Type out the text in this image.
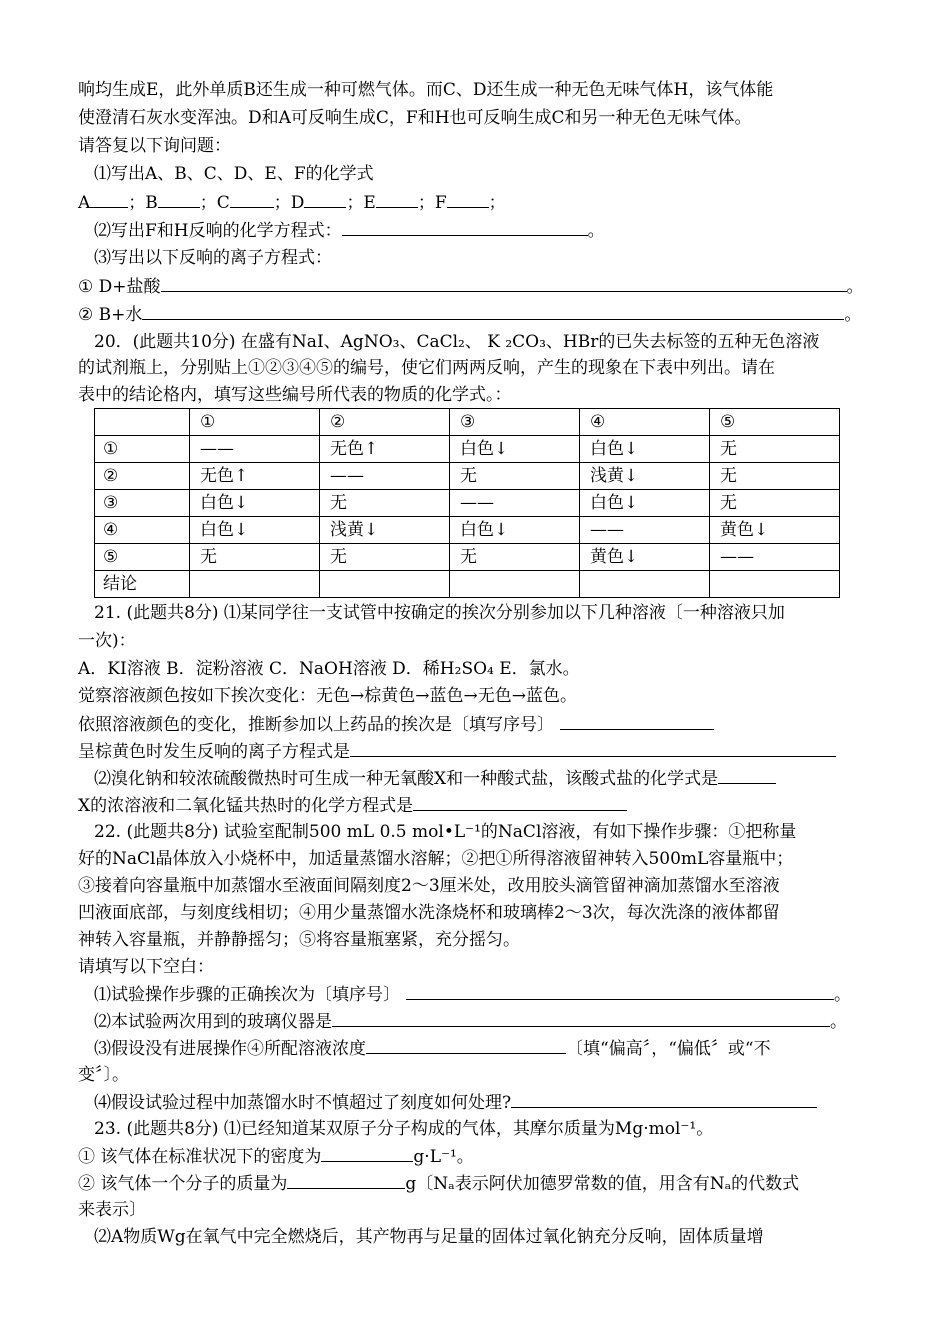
响均生成E，此外单质B还生成一种可燃气体。而C、D还生成一种无色无味气体H，该气体能
使澄清石灰水变浑浊。D和A可反响生成C，F和H也可反响生成C和另一种无色无味气体。
请答复以下询问题：
⑴写出A、B、C、D、E、F的化学式
A ；B ；C	；D ；E ；F ；
⑵写出F和H反响的化学方程式：	。
⑶写出以下反响的离子方程式：
① D+盐酸	。
② B+水	。
20．(此题共10分) 在盛有NaI、AgNO₃、CaCl₂、 K ₂CO₃、HBr的已失去标签的五种无色溶液
的试剂瓶上，分别贴上①②③④⑤的编号，使它们两两反响，产生的现象在下表中列出。请在
表中的结论格内，填写这些编号所代表的物质的化学式。：
	①	②	③	④	⑤
①	——	无色↑	白色↓	白色↓	无
②	无色↑	——	无	浅黄↓	无
③	白色↓	无	——	白色↓	无
④	白色↓	浅黄↓	白色↓	——	黄色↓
⑤	无	无	无	黄色↓	——
结论					
21. (此题共8分) ⑴某同学往一支试管中按确定的挨次分别参加以下几种溶液〔一种溶液只加
一次)：
A．KI溶液 B．淀粉溶液 C．NaOH溶液 D．稀H₂SO₄ E．氯水。
觉察溶液颜色按如下挨次变化：无色→棕黄色→蓝色→无色→蓝色。
依照溶液颜色的变化，推断参加以上药品的挨次是〔填写序号〕
呈棕黄色时发生反响的离子方程式是
⑵溴化钠和较浓硫酸微热时可生成一种无氧酸X和一种酸式盐，该酸式盐的化学式是
X的浓溶液和二氧化锰共热时的化学方程式是
22. (此题共8分) 试验室配制500 mL 0.5 mol•L⁻¹的NaCl溶液，有如下操作步骤：①把称量
好的NaCl晶体放入小烧杯中，加适量蒸馏水溶解；②把①所得溶液留神转入500mL容量瓶中；
③接着向容量瓶中加蒸馏水至液面间隔刻度2～3厘米处，改用胶头滴管留神滴加蒸馏水至溶液
凹液面底部，与刻度线相切；④用少量蒸馏水洗涤烧杯和玻璃棒2～3次，每次洗涤的液体都留
神转入容量瓶，并静静摇匀；⑤将容量瓶塞紧，充分摇匀。
请填写以下空白：
⑴试验操作步骤的正确挨次为〔填序号〕	。
⑵本试验两次用到的玻璃仪器是	。
⑶假设没有进展操作④所配溶液浓度	〔填“偏高〞，“偏低〞或“不
变〞〕。
⑷假设试验过程中加蒸馏水时不慎超过了刻度如何处理?
23. (此题共8分) ⑴已经知道某双原子分子构成的气体，其摩尔质量为Mg·mol⁻¹。
① 该气体在标准状况下的密度为	g·L⁻¹。
② 该气体一个分子的质量为	g〔Nₐ表示阿伏加德罗常数的值，用含有Nₐ的代数式
来表示〕
⑵A物质Wg在氧气中完全燃烧后，其产物再与足量的固体过氧化钠充分反响，固体质量增
